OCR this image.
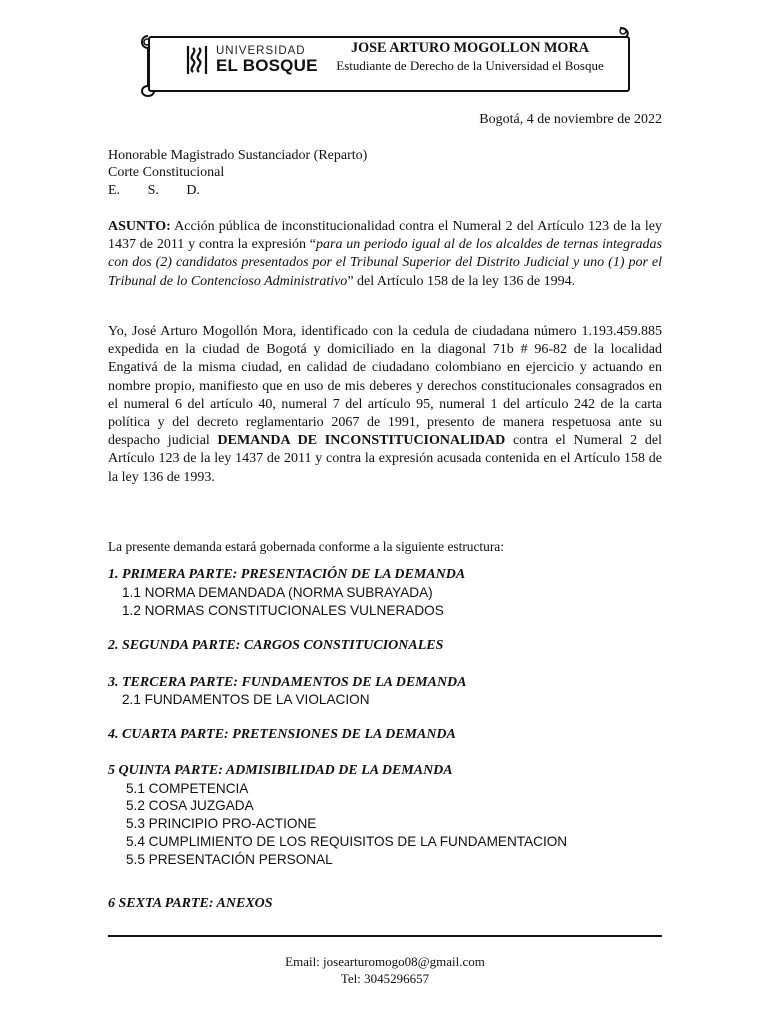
UNIVERSIDAD
EL BOSQUE
JOSE ARTURO MOGOLLON MORA
Estudiante de Derecho de la Universidad el Bosque
Bogotá, 4 de noviembre de 2022
Honorable Magistrado Sustanciador (Reparto)
Corte Constitucional
E. S. D.
ASUNTO: Acción pública de inconstitucionalidad contra el Numeral 2 del Artículo 123 de la ley 1437 de 2011 y contra la expresión “para un periodo igual al de los alcaldes de ternas integradas con dos (2) candidatos presentados por el Tribunal Superior del Distrito Judicial y uno (1) por el Tribunal de lo Contencioso Administrativo” del Artículo 158 de la ley 136 de 1994.
Yo, José Arturo Mogollón Mora, identificado con la cedula de ciudadana número 1.193.459.885 expedida en la ciudad de Bogotá y domiciliado en la diagonal 71b # 96-82 de la localidad Engativá de la misma ciudad, en calidad de ciudadano colombiano en ejercicio y actuando en nombre propio, manifiesto que en uso de mis deberes y derechos constitucionales consagrados en el numeral 6 del artículo 40, numeral 7 del artículo 95, numeral 1 del artículo 242 de la carta política y del decreto reglamentario 2067 de 1991, presento de manera respetuosa ante su despacho judicial DEMANDA DE INCONSTITUCIONALIDAD contra el Numeral 2 del Artículo 123 de la ley 1437 de 2011 y contra la expresión acusada contenida en el Artículo 158 de la ley 136 de 1993.
La presente demanda estará gobernada conforme a la siguiente estructura:
1. PRIMERA PARTE: PRESENTACIÓN DE LA DEMANDA
1.1 NORMA DEMANDADA (NORMA SUBRAYADA)
1.2 NORMAS CONSTITUCIONALES VULNERADOS
2. SEGUNDA PARTE: CARGOS CONSTITUCIONALES
3. TERCERA PARTE: FUNDAMENTOS DE LA DEMANDA
2.1 FUNDAMENTOS DE LA VIOLACION
4. CUARTA PARTE: PRETENSIONES DE LA DEMANDA
5 QUINTA PARTE: ADMISIBILIDAD DE LA DEMANDA
5.1 COMPETENCIA
5.2 COSA JUZGADA
5.3 PRINCIPIO PRO-ACTIONE
5.4 CUMPLIMIENTO DE LOS REQUISITOS DE LA FUNDAMENTACION
5.5 PRESENTACIÓN PERSONAL
6 SEXTA PARTE: ANEXOS
Email: josearturomogo08@gmail.com
Tel: 3045296657
